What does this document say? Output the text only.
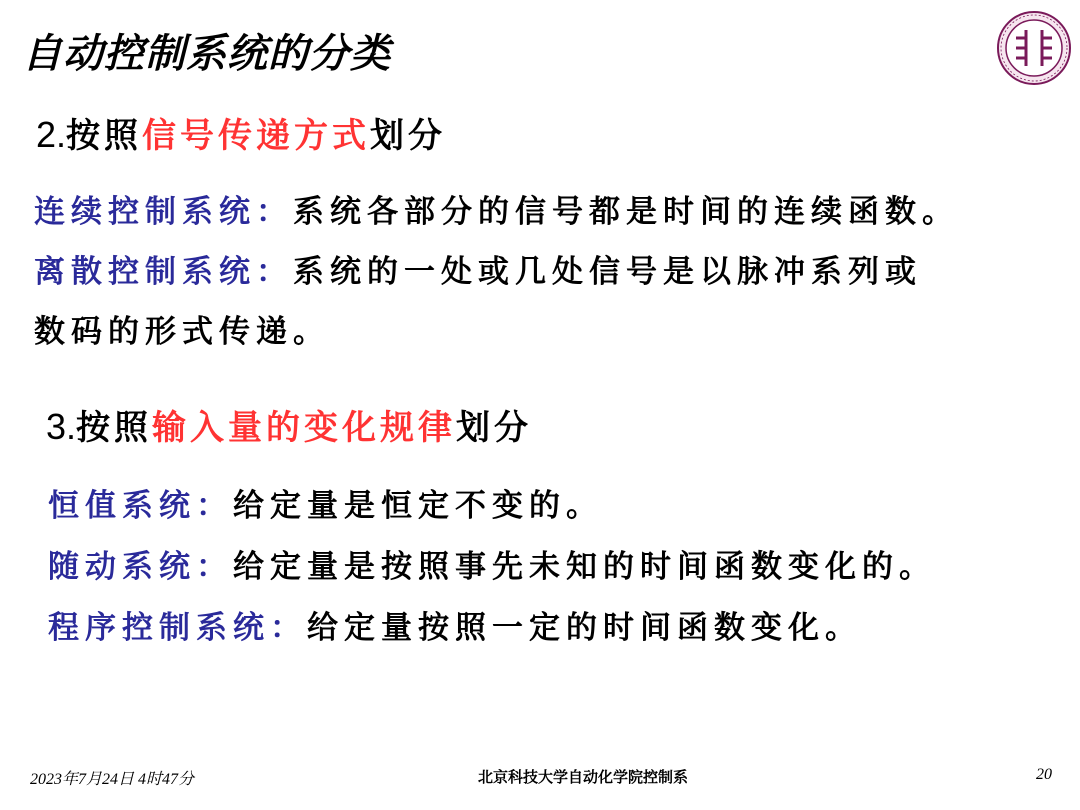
自动控制系统的分类
2.按照信号传递方式划分
连续控制系统：系统各部分的信号都是时间的连续函数。
离散控制系统：系统的一处或几处信号是以脉冲系列或
数码的形式传递。
3.按照输入量的变化规律划分
恒值系统：给定量是恒定不变的。
随动系统：给定量是按照事先未知的时间函数变化的。
程序控制系统：给定量按照一定的时间函数变化。
2023年7月24日 4时47分	北京科技大学自动化学院控制系	20
